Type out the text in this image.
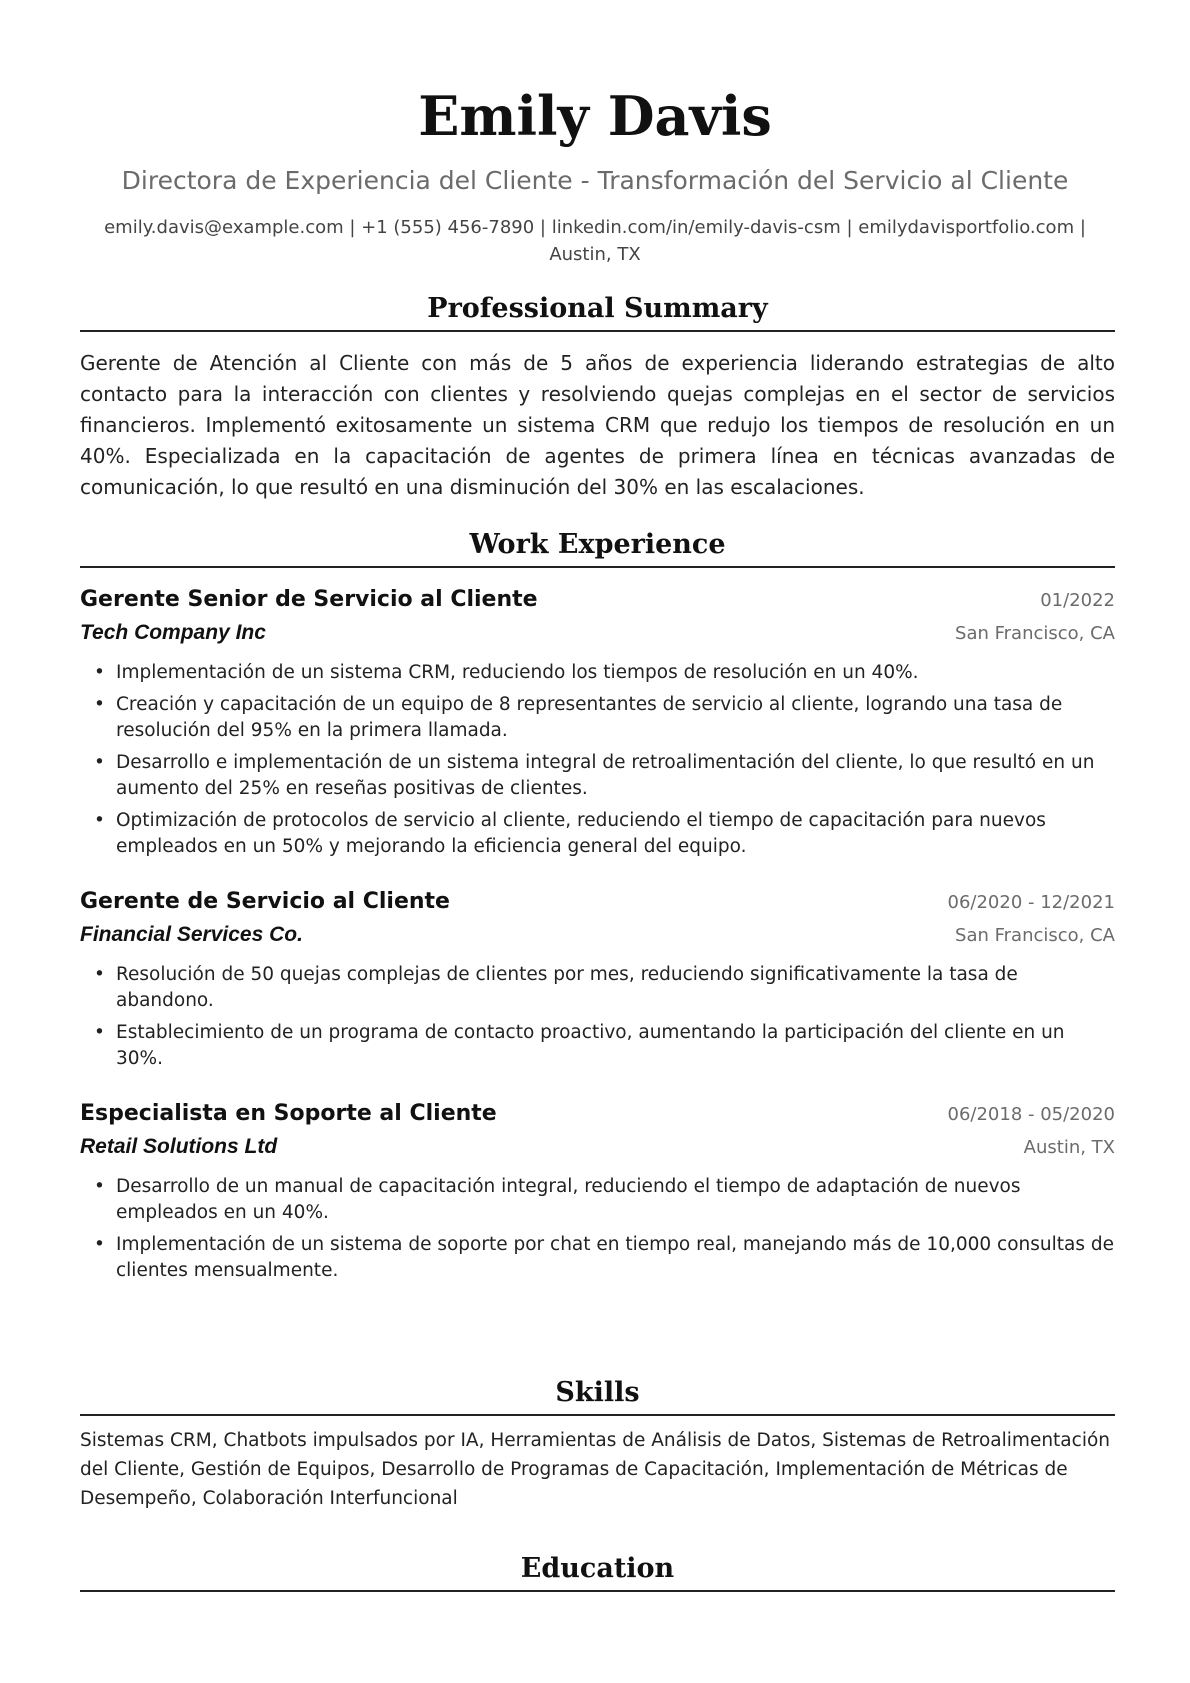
Emily Davis
Directora de Experiencia del Cliente - Transformación del Servicio al Cliente
emily.davis@example.com | +1 (555) 456-7890 | linkedin.com/in/emily-davis-csm | emilydavisportfolio.com | Austin, TX
Professional Summary
Gerente de Atención al Cliente con más de 5 años de experiencia liderando estrategias de alto contacto para la interacción con clientes y resolviendo quejas complejas en el sector de servicios financieros. Implementó exitosamente un sistema CRM que redujo los tiempos de resolución en un 40%. Especializada en la capacitación de agentes de primera línea en técnicas avanzadas de comunicación, lo que resultó en una disminución del 30% en las escalaciones.
Work Experience
Gerente Senior de Servicio al Cliente	01/2022
Tech Company Inc	San Francisco, CA
• Implementación de un sistema CRM, reduciendo los tiempos de resolución en un 40%.
• Creación y capacitación de un equipo de 8 representantes de servicio al cliente, logrando una tasa de resolución del 95% en la primera llamada.
• Desarrollo e implementación de un sistema integral de retroalimentación del cliente, lo que resultó en un aumento del 25% en reseñas positivas de clientes.
• Optimización de protocolos de servicio al cliente, reduciendo el tiempo de capacitación para nuevos empleados en un 50% y mejorando la eficiencia general del equipo.
Gerente de Servicio al Cliente	06/2020 - 12/2021
Financial Services Co.	San Francisco, CA
• Resolución de 50 quejas complejas de clientes por mes, reduciendo significativamente la tasa de abandono.
• Establecimiento de un programa de contacto proactivo, aumentando la participación del cliente en un 30%.
Especialista en Soporte al Cliente	06/2018 - 05/2020
Retail Solutions Ltd	Austin, TX
• Desarrollo de un manual de capacitación integral, reduciendo el tiempo de adaptación de nuevos empleados en un 40%.
• Implementación de un sistema de soporte por chat en tiempo real, manejando más de 10,000 consultas de clientes mensualmente.
Skills
Sistemas CRM, Chatbots impulsados por IA, Herramientas de Análisis de Datos, Sistemas de Retroalimentación del Cliente, Gestión de Equipos, Desarrollo de Programas de Capacitación, Implementación de Métricas de Desempeño, Colaboración Interfuncional
Education
